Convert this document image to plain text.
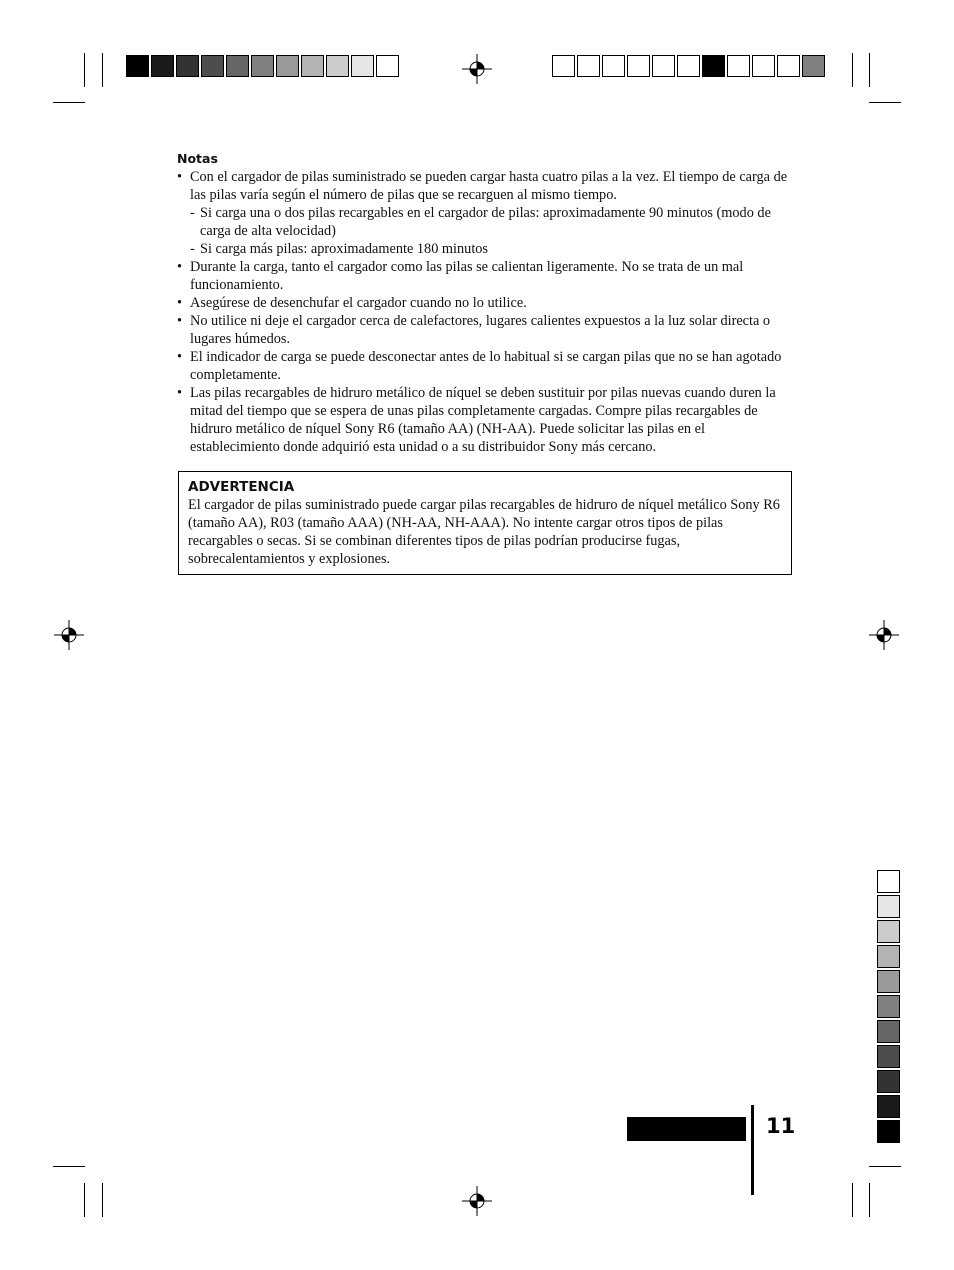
Notas
• Con el cargador de pilas suministrado se pueden cargar hasta cuatro pilas a la vez. El tiempo de carga de las pilas varía según el número de pilas que se recarguen al mismo tiempo.
- Si carga una o dos pilas recargables en el cargador de pilas: aproximadamente 90 minutos (modo de carga de alta velocidad)
- Si carga más pilas: aproximadamente 180 minutos
• Durante la carga, tanto el cargador como las pilas se calientan ligeramente. No se trata de un mal funcionamiento.
• Asegúrese de desenchufar el cargador cuando no lo utilice.
• No utilice ni deje el cargador cerca de calefactores, lugares calientes expuestos a la luz solar directa o lugares húmedos.
• El indicador de carga se puede desconectar antes de lo habitual si se cargan pilas que no se han agotado completamente.
• Las pilas recargables de hidruro metálico de níquel se deben sustituir por pilas nuevas cuando duren la mitad del tiempo que se espera de unas pilas completamente cargadas. Compre pilas recargables de hidruro metálico de níquel Sony R6 (tamaño AA) (NH-AA). Puede solicitar las pilas en el establecimiento donde adquirió esta unidad o a su distribuidor Sony más cercano.
ADVERTENCIA
El cargador de pilas suministrado puede cargar pilas recargables de hidruro de níquel metálico Sony R6 (tamaño AA), R03 (tamaño AAA) (NH-AA, NH-AAA). No intente cargar otros tipos de pilas recargables o secas. Si se combinan diferentes tipos de pilas podrían producirse fugas, sobrecalentamientos y explosiones.
11
